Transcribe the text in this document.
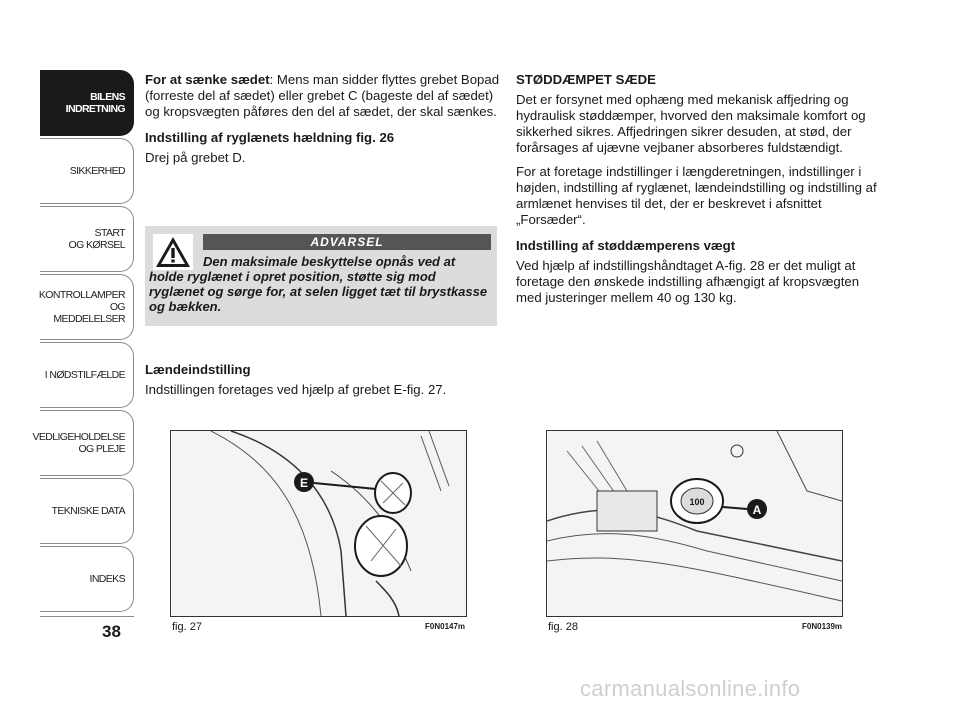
BILENS
INDRETNING
SIKKERHED
START
OG KØRSEL
KONTROLLAMPER
OG MEDDELELSER
I NØDSTILFÆLDE
VEDLIGEHOLDELSE
OG PLEJE
TEKNISKE DATA
INDEKS
38

For at sænke sædet: Mens man sidder flyttes grebet Bopad (forreste del af sædet) eller grebet C (bageste del af sædet) og kropsvægten påføres den del af sædet, der skal sænkes.

Indstilling af ryglænets hældning fig. 26

Drej på grebet D.

ADVARSEL
Den maksimale beskyttelse opnås ved at holde ryglænet i opret position, støtte sig mod ryglænet og sørge for, at selen ligget tæt til brystkasse og bækken.

Lændeindstilling

Indstillingen foretages ved hjælp af grebet E-fig. 27.

STØDDÆMPET SÆDE

Det er forsynet med ophæng med mekanisk affjedring og hydraulisk støddæmper, hvorved den maksimale komfort og sikkerhed sikres. Affjedringen sikrer desuden, at stød, der forårsages af ujævne vejbaner absorberes fuldstændigt.

For at foretage indstillinger i længderetningen, indstillinger i højden, indstilling af ryglænet, lændeindstilling og indstilling af armlænet henvises til det, der er beskrevet i afsnittet „Forsæder“.

Indstilling af støddæmperens vægt

Ved hjælp af indstillingshåndtaget A-fig. 28 er det muligt at foretage den ønskede indstilling afhængigt af kropsvægten med justeringer mellem 40 og 130 kg.

E
fig. 27	F0N0147m
100
A
fig. 28	F0N0139m
carmanualsonline.info
